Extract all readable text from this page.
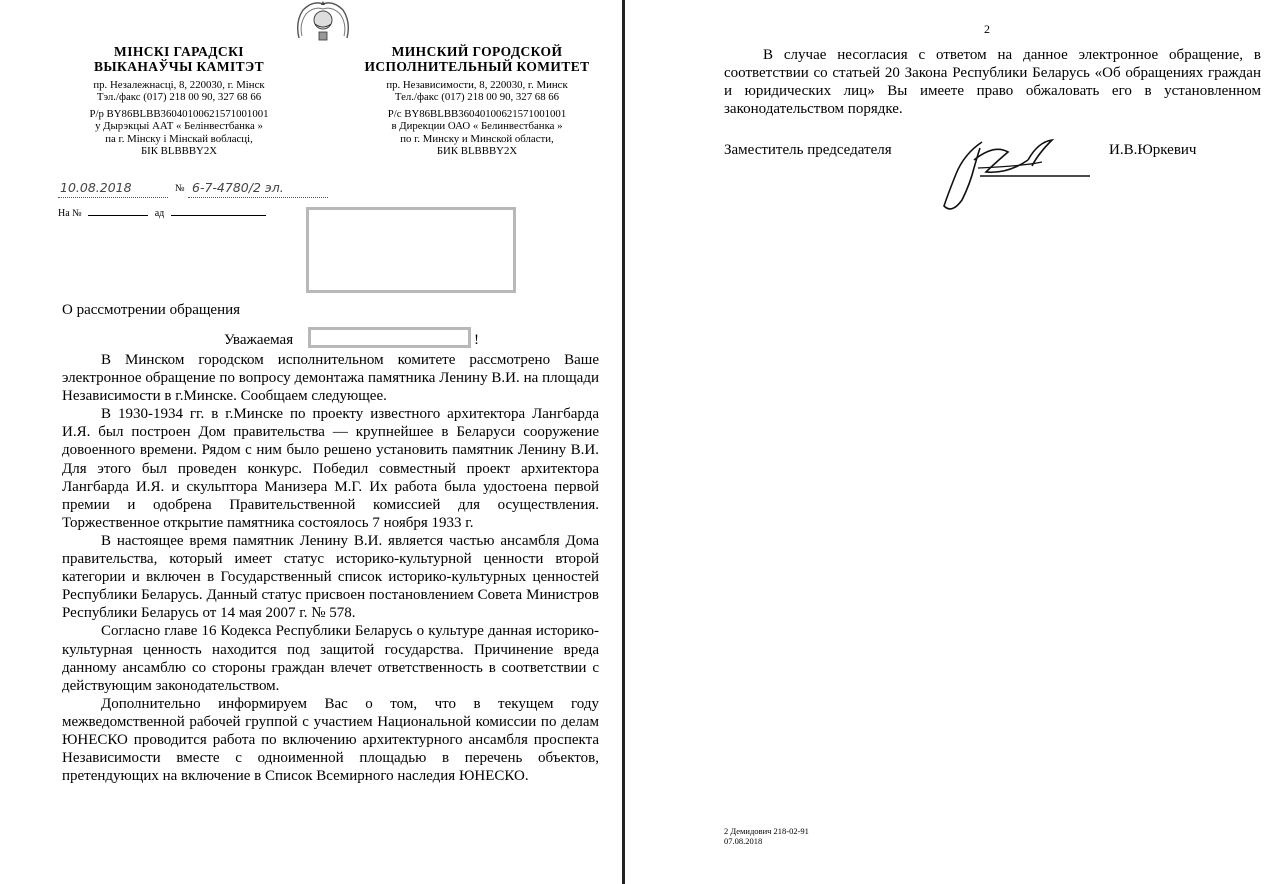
МІНСКІ ГАРАДСКІ
ВЫКАНАЎЧЫ КАМІТЭТ
пр. Незалежнасці, 8, 220030, г. Мінск
Тэл./факс (017) 218 00 90, 327 68 66
Р/р BY86BLBB36040100621571001001
у Дырэкцыі ААТ « Белінвестбанка »
па г. Мінску і Мінскай вобласці,
БІК BLBBBY2X
МИНСКИЙ ГОРОДСКОЙ
ИСПОЛНИТЕЛЬНЫЙ КОМИТЕТ
пр. Независимости, 8, 220030, г. Минск
Тел./факс (017) 218 00 90, 327 68 66
Р/с BY86BLBB36040100621571001001
в Дирекции ОАО « Белинвестбанка »
по г. Минску и Минской области,
БИК BLBBBY2X
10.08.2018	№ 6-7-4780/2 эл.
На №	ад
О рассмотрении обращения
Уважаемая	!

В Минском городском исполнительном комитете рассмотрено Ваше электронное обращение по вопросу демонтажа памятника Ленину В.И. на площади Независимости в г.Минске. Сообщаем следующее.

В 1930-1934 гг. в г.Минске по проекту известного архитектора Лангбарда И.Я. был построен Дом правительства — крупнейшее в Беларуси сооружение довоенного времени. Рядом с ним было решено установить памятник Ленину В.И. Для этого был проведен конкурс. Победил совместный проект архитектора Лангбарда И.Я. и скульптора Манизера М.Г. Их работа была удостоена первой премии и одобрена Правительственной комиссией для осуществления. Торжественное открытие памятника состоялось 7 ноября 1933 г.

В настоящее время памятник Ленину В.И. является частью ансамбля Дома правительства, который имеет статус историко-культурной ценности второй категории и включен в Государственный список историко-культурных ценностей Республики Беларусь. Данный статус присвоен постановлением Совета Министров Республики Беларусь от 14 мая 2007 г. № 578.

Согласно главе 16 Кодекса Республики Беларусь о культуре данная историко-культурная ценность находится под защитой государства. Причинение вреда данному ансамблю со стороны граждан влечет ответственность в соответствии с действующим законодательством.

Дополнительно информируем Вас о том, что в текущем году межведомственной рабочей группой с участием Национальной комиссии по делам ЮНЕСКО проводится работа по включению архитектурного ансамбля проспекта Независимости вместе с одноименной площадью в перечень объектов, претендующих на включение в Список Всемирного наследия ЮНЕСКО.

2

В случае несогласия с ответом на данное электронное обращение, в соответствии со статьей 20 Закона Республики Беларусь «Об обращениях граждан и юридических лиц» Вы имеете право обжаловать его в установленном законодательством порядке.

Заместитель председателя	И.В.Юркевич
2 Демидович 218-02-91
07.08.2018
